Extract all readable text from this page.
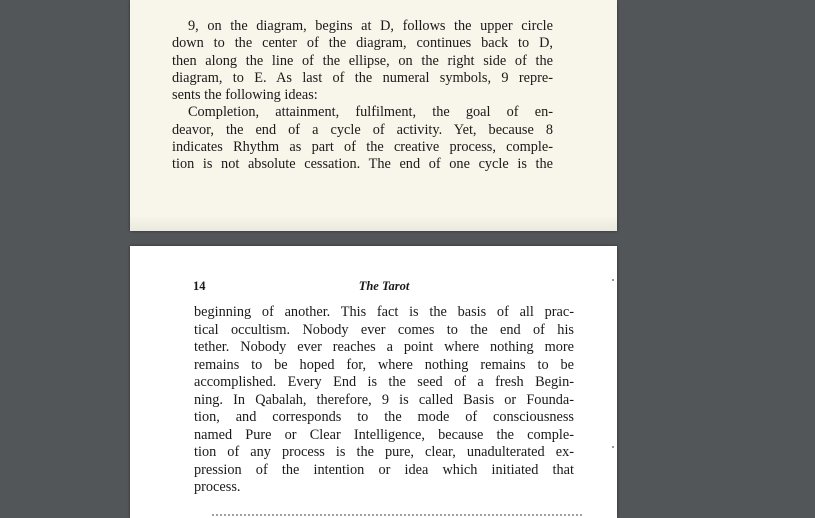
9, on the diagram, begins at D, follows the upper circle
down to the center of the diagram, continues back to D,
then along the line of the ellipse, on the right side of the
diagram, to E. As last of the numeral symbols, 9 repre-
sents the following ideas:
Completion, attainment, fulfilment, the goal of en-
deavor, the end of a cycle of activity. Yet, because 8
indicates Rhythm as part of the creative process, comple-
tion is not absolute cessation. The end of one cycle is the
14	The Tarot
beginning of another. This fact is the basis of all prac-
tical occultism. Nobody ever comes to the end of his
tether. Nobody ever reaches a point where nothing more
remains to be hoped for, where nothing remains to be
accomplished. Every End is the seed of a fresh Begin-
ning. In Qabalah, therefore, 9 is called Basis or Founda-
tion, and corresponds to the mode of consciousness
named Pure or Clear Intelligence, because the comple-
tion of any process is the pure, clear, unadulterated ex-
pression of the intention or idea which initiated that
process.
